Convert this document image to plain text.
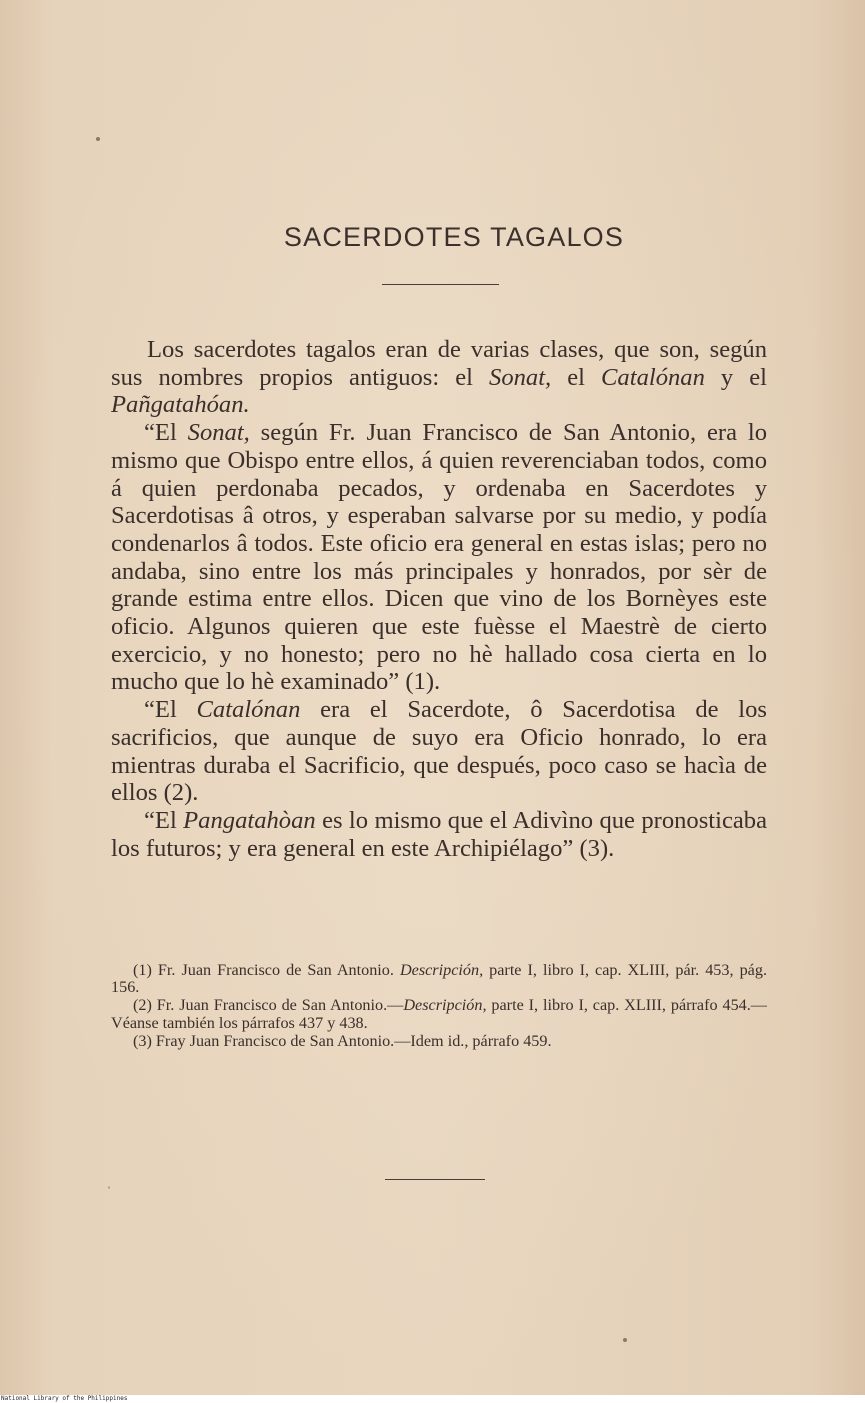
SACERDOTES TAGALOS

Los sacerdotes tagalos eran de varias clases, que son, según sus nombres propios antiguos: el Sonat, el Catalónan y el Pañgatahóan.

“El Sonat, según Fr. Juan Francisco de San Antonio, era lo mismo que Obispo entre ellos, á quien reverenciaban todos, como á quien perdonaba pecados, y ordenaba en Sacerdotes y Sacerdotisas â otros, y esperaban salvarse por su medio, y podía condenarlos â todos. Este oficio era general en estas islas; pero no andaba, sino entre los más principales y honrados, por sèr de grande estima entre ellos. Dicen que vino de los Bornèyes este oficio. Algunos quieren que este fuèsse el Maestrè de cierto exercicio, y no honesto; pero no hè hallado cosa cierta en lo mucho que lo hè examinado” (1).

“El Catalónan era el Sacerdote, ô Sacerdotisa de los sacrificios, que aunque de suyo era Oficio honrado, lo era mientras duraba el Sacrificio, que después, poco caso se hacìa de ellos (2).

“El Pangatahòan es lo mismo que el Adivìno que pronosticaba los futuros; y era general en este Archipiélago” (3).

(1) Fr. Juan Francisco de San Antonio. Descripción, parte I, libro I, cap. XLIII, pár. 453, pág. 156.

(2) Fr. Juan Francisco de San Antonio.—Descripción, parte I, libro I, cap. XLIII, párrafo 454.—Véanse también los párrafos 437 y 438.

(3) Fray Juan Francisco de San Antonio.—Idem id., párrafo 459.

National Library of the Philippines
